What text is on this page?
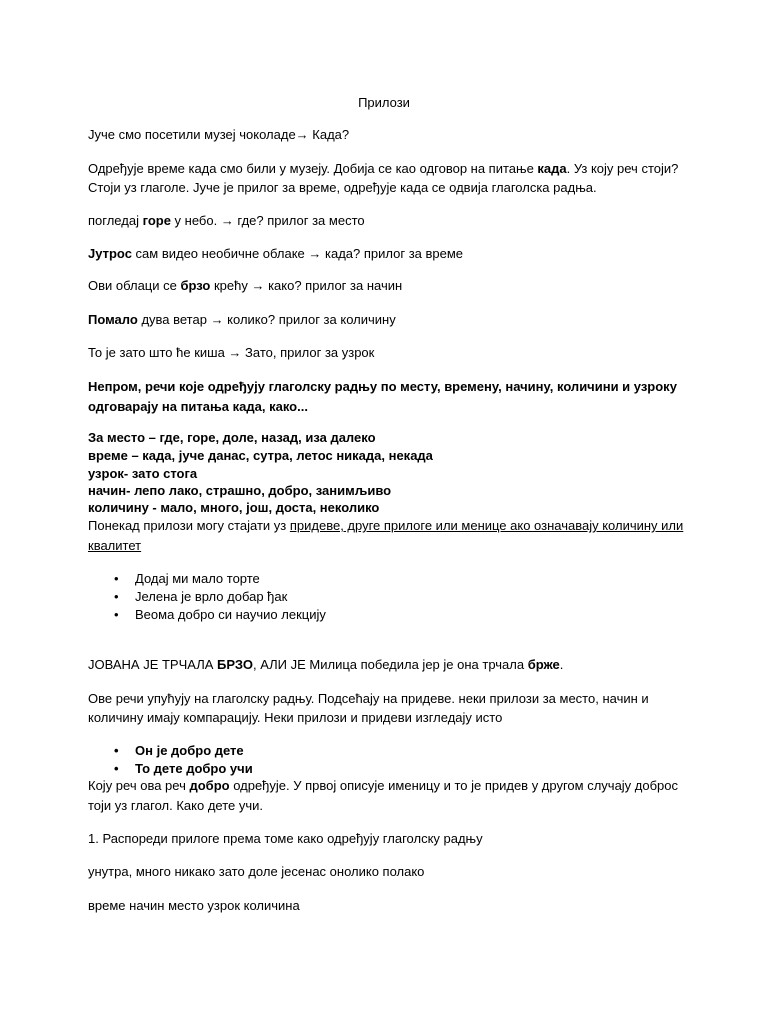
Прилози
Јуче смо посетили музеј чоколаде→ Када?
Одређује време када смо били у музеју. Добија се као одговор на питање када. Уз коју реч стоји?
Стоји уз глаголе. Јуче је прилог за време, одређује када се одвија глаголска радња.
погледај горе у небо. → где? прилог за место
Јутрос сам видео необичне облаке → када? прилог за време
Ови облаци се брзо крећу → како? прилог за начин
Помало дува ветар → колико? прилог за количину
То је зато што ће киша → Зато, прилог за узрок
Непром, речи које одређују глаголску радњу по месту, времену, начину, количини и узроку
одговарају на питања када, како...
За место – где, горе, доле, назад, иза далеко
време – када, јуче данас, сутра, летос никада, некада
узрок- зато стога
начин- лепо лако, страшно, добро, занимљиво
количину - мало, много, још, доста, неколико
Понекад прилози могу стајати уз придеве, друге прилоге или менице ако означавају количину или
квалитет
• Додај ми мало торте
• Јелена је врло добар ђак
• Веома добро си научио лекцију
ЈОВАНА ЈЕ ТРЧАЛА БРЗО, АЛИ ЈЕ Милица победила јер је она трчала брже.
Ове речи упућују на глаголску радњу. Подсећају на придеве. неки прилози за место, начин и
количину имају компарацију. Неки прилози и придеви изгледају исто
• Он је добро дете
• То дете добро учи
Коју реч ова реч добро одређује. У првој описује именицу и то је придев у другом случају добрoс
тоји уз глагол. Како дете учи.
1. Распореди прилоге према томе како одређују глаголску радњу
унутра, много никако зато доле јесенас онолико полако
време начин место узрок количина
